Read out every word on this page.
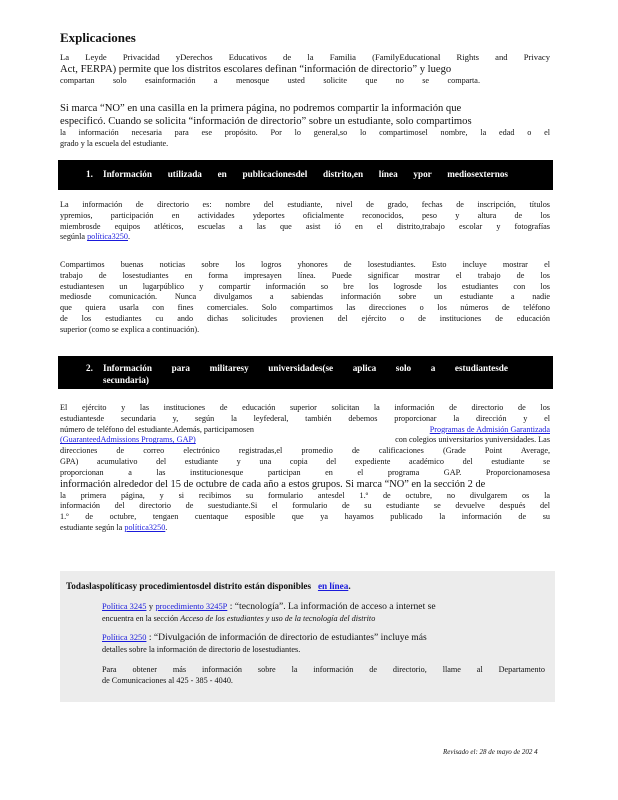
Explicaciones
La Leyde Privacidad yDerechos Educativos de la Familia (FamilyEducational Rights and Privacy
Act, FERPA) permite que los distritos escolares definan “información de directorio” y luego
compartan solo esainformación a menosque usted solicite que no se comparta.
Si marca “NO” en una casilla en la primera página, no podremos compartir la información que
especificó. Cuando se solicita “información de directorio” sobre un estudiante, solo compartimos
la información necesaria para ese propósito. Por lo general,so lo compartimosel nombre, la edad o el
grado y la escuela del estudiante.
1. Información utilizada en publicacionesdel distrito,en línea ypor mediosexternos
La información de directorio es: nombre del estudiante, nivel de grado, fechas de inscripción, títulos
ypremios, participación en actividades ydeportes oficialmente reconocidos, peso y altura de los
miembrosde equipos atléticos, escuelas a las que asist ió en el distrito,trabajo escolar y fotografías
segúnla política3250.
Compartimos buenas noticias sobre los logros yhonores de losestudiantes. Esto incluye mostrar el
trabajo de losestudiantes en forma impresayen línea. Puede significar mostrar el trabajo de los
estudiantesen un lugarpúblico y compartir información so bre los logrosde los estudiantes con los
mediosde comunicación. Nunca divulgamos a sabiendas información sobre un estudiante a nadie
que quiera usarla con fines comerciales. Solo compartimos las direcciones o los números de teléfono
de los estudiantes cu ando dichas solicitudes provienen del ejército o de instituciones de educación
superior (como se explica a continuación).
2. Información para militaresy universidades(se aplica solo a estudiantesde
secundaria)
El ejército y las instituciones de educación superior solicitan la información de directorio de los
estudiantesde secundaria y, según la leyfederal, también debemos proporcionar la dirección y el
número de teléfono del estudiante.Además, participamosen	Programas de Admisión Garantizada
(GuaranteedAdmissions Programs, GAP)	con colegios universitarios yuniversidades. Las
direcciones de correo electrónico registradas,el promedio de calificaciones (Grade Point Average,
GPA) acumulativo del estudiante y una copia del expediente académico del estudiante se
proporcionan a las institucionesque participan en el programa GAP. Proporcionamosesa
información alrededor del 15 de octubre de cada año a estos grupos. Si marca “NO” en la sección 2 de
la primera página, y si recibimos su formulario antesdel 1.º de octubre, no divulgarem os la
información del directorio de suestudiante.Si el formulario de su estudiante se devuelve después del
1.º de octubre, tengaen cuentaque esposible que ya hayamos publicado la información de su
estudiante según la política3250.
Todaslaspolíticasy procedimientosdel distrito están disponibles en línea.
Política 3245 y procedimiento 3245P : “tecnología”. La información de acceso a internet se
encuentra en la sección Acceso de los estudiantes y uso de la tecnología del distrito
Política 3250 : “Divulgación de información de directorio de estudiantes” incluye más
detalles sobre la información de directorio de losestudiantes.
Para obtener más información sobre la información de directorio, llame al Departamento
de Comunicaciones al 425 - 385 - 4040.
Revisado el: 28 de mayo de 202 4
